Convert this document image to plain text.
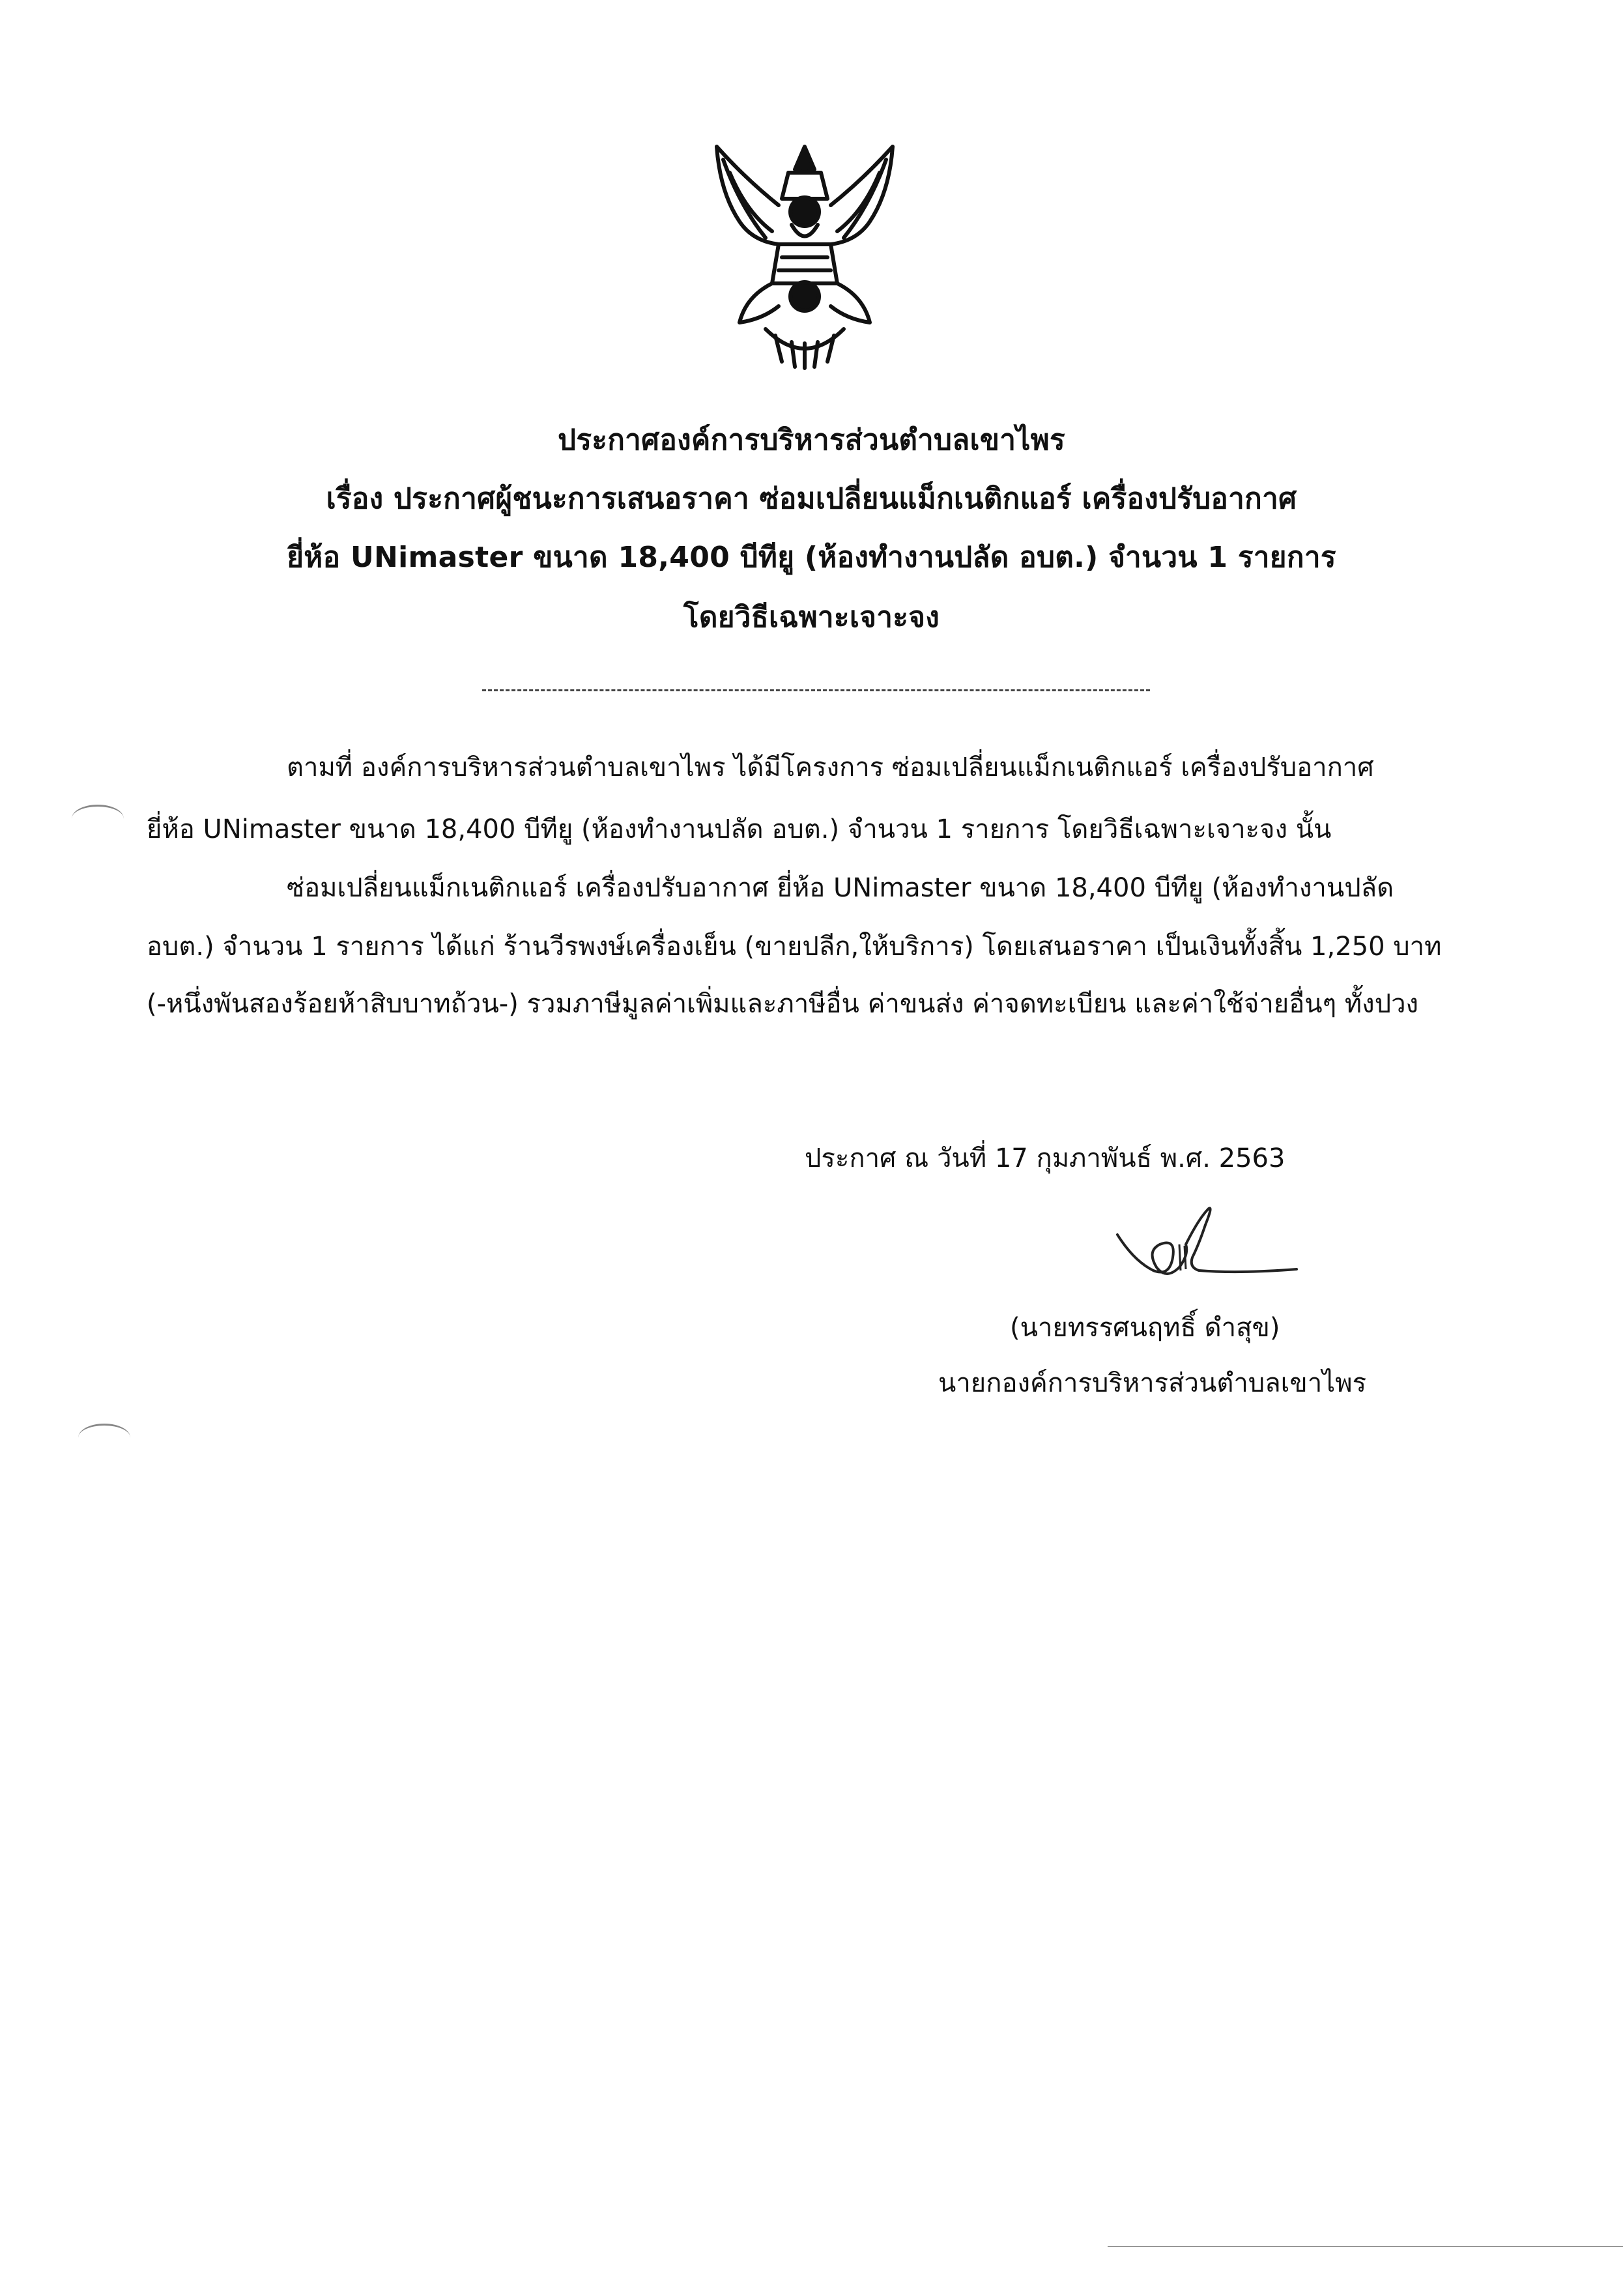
ประกาศองค์การบริหารส่วนตำบลเขาไพร
เรื่อง ประกาศผู้ชนะการเสนอราคา ซ่อมเปลี่ยนแม็กเนติกแอร์ เครื่องปรับอากาศ
ยี่ห้อ UNimaster ขนาด 18,400 บีทียู (ห้องทำงานปลัด อบต.) จำนวน 1 รายการ
โดยวิธีเฉพาะเจาะจง
ตามที่ องค์การบริหารส่วนตำบลเขาไพร ได้มีโครงการ ซ่อมเปลี่ยนแม็กเนติกแอร์ เครื่องปรับอากาศ
ยี่ห้อ UNimaster ขนาด 18,400 บีทียู (ห้องทำงานปลัด อบต.) จำนวน 1 รายการ โดยวิธีเฉพาะเจาะจง นั้น
ซ่อมเปลี่ยนแม็กเนติกแอร์ เครื่องปรับอากาศ ยี่ห้อ UNimaster ขนาด 18,400 บีทียู (ห้องทำงานปลัด
อบต.) จำนวน 1 รายการ ได้แก่ ร้านวีรพงษ์เครื่องเย็น (ขายปลีก,ให้บริการ) โดยเสนอราคา เป็นเงินทั้งสิ้น 1,250 บาท
(-หนึ่งพันสองร้อยห้าสิบบาทถ้วน-) รวมภาษีมูลค่าเพิ่มและภาษีอื่น ค่าขนส่ง ค่าจดทะเบียน และค่าใช้จ่ายอื่นๆ ทั้งปวง
ประกาศ ณ วันที่ 17 กุมภาพันธ์ พ.ศ. 2563
(นายทรรศนฤทธิ์ ดำสุข)
นายกองค์การบริหารส่วนตำบลเขาไพร
